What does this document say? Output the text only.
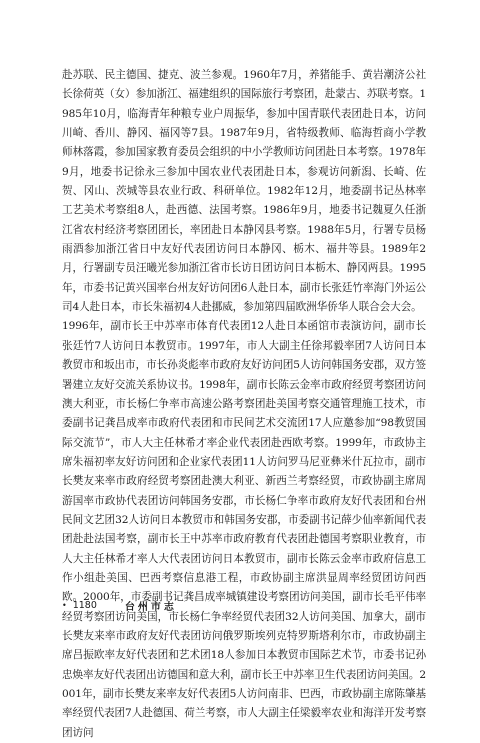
赴苏联、民主德国、捷克、波兰参观。1960年7月，养猪能手、黄岩潮济公社长徐荷英（女）参加浙江、福建组织的国际旅行考察团，赴蒙古、苏联考察。1985年10月，临海青年种粮专业户周振华，参加中国青联代表团赴日本，访问川崎、香川、静冈、福冈等7县。1987年9月，省特级教师、临海哲商小学教师林落霞，参加国家教育委员会组织的中小学教师访问团赴日本考察。1978年9月，地委书记徐永三参加中国农业代表团赴日本，参观访问新潟、长崎、佐贺、冈山、茨城等县农业行政、科研单位。1982年12月，地委副书记丛林率工艺美术考察组8人，赴西德、法国考察。1986年9月，地委书记魏夏久任浙江省农村经济考察团团长，率团赴日本静冈县考察。1988年5月，行署专员杨雨酒参加浙江省日中友好代表团访问日本静冈、栃木、福井等县。1989年2月，行署副专员汪曦光参加浙江省市长访日团访问日本栃木、静冈两县。1995年，市委书记黄兴国率台州友好访问团6人赴日本，副市长张廷竹率海门外运公司4人赴日本，市长朱福初4人赴挪威，参加第四届欧洲华侨华人联合会大会。

1996年，副市长王中苏率市体育代表团12人赴日本函馆市表演访问，副市长张廷竹7人访问日本教贸市。1997年，市人大副主任徐邦毅率团7人访问日本教贸市和坂出市，市长孙炎彪率市政府友好访问团5人访问韩国务安郡，双方签署建立友好交流关系协议书。1998年，副市长陈云金率市政府经贸考察团访问澳大利亚，市长杨仁争率市高速公路考察团赴美国考察交通管理施工技术，市委副书记龚昌成率市政府代表团和市民间艺术交流团17人应邀参加“98教贸国际交流节”，市人大主任林希才率企业代表团赴西欧考察。1999年，市政协主席朱福初率友好访问团和企业家代表团11人访问罗马尼亚彝米什瓦拉市，副市长樊友来率市政府经贸考察团赴澳大利亚、新西兰考察经贸，市政协副主席周游国率市政协代表团访问韩国务安郡，市长杨仁争率市政府友好代表团和台州民间文艺团32人访问日本教贸市和韩国务安郡，市委副书记薛少仙率新闻代表团赴赴法国考察，副市长王中苏率市政府教育代表团赴德国考察职业教育，市人大主任林希才率人大代表团访问日本教贸市，副市长陈云金率市政府信息工作小组赴美国、巴西考察信息港工程，市政协副主席洪显周率经贸团访问西欧。2000年，市委副书记龚昌成率城镇建设考察团访问美国，副市长毛平伟率经贸考察团访问美国，市长杨仁争率经贸代表团32人访问美国、加拿大，副市长樊友来率市政府友好代表团访问俄罗斯埃列克特罗斯塔利尔市，市政协副主席吕振欧率友好代表团和艺术团18人参加日本教贸市国际艺术节，市委书记孙忠焕率友好代表团出访德国和意大利，副市长王中苏率卫生代表团访问美国。2001年，副市长樊友来率友好代表团5人访问南非、巴西，市政协副主席陈肇基率经贸代表团7人赴德国、荷兰考察，市人大副主任梁毅率农业和海洋开发考察团访问

• 1180	台州市志
